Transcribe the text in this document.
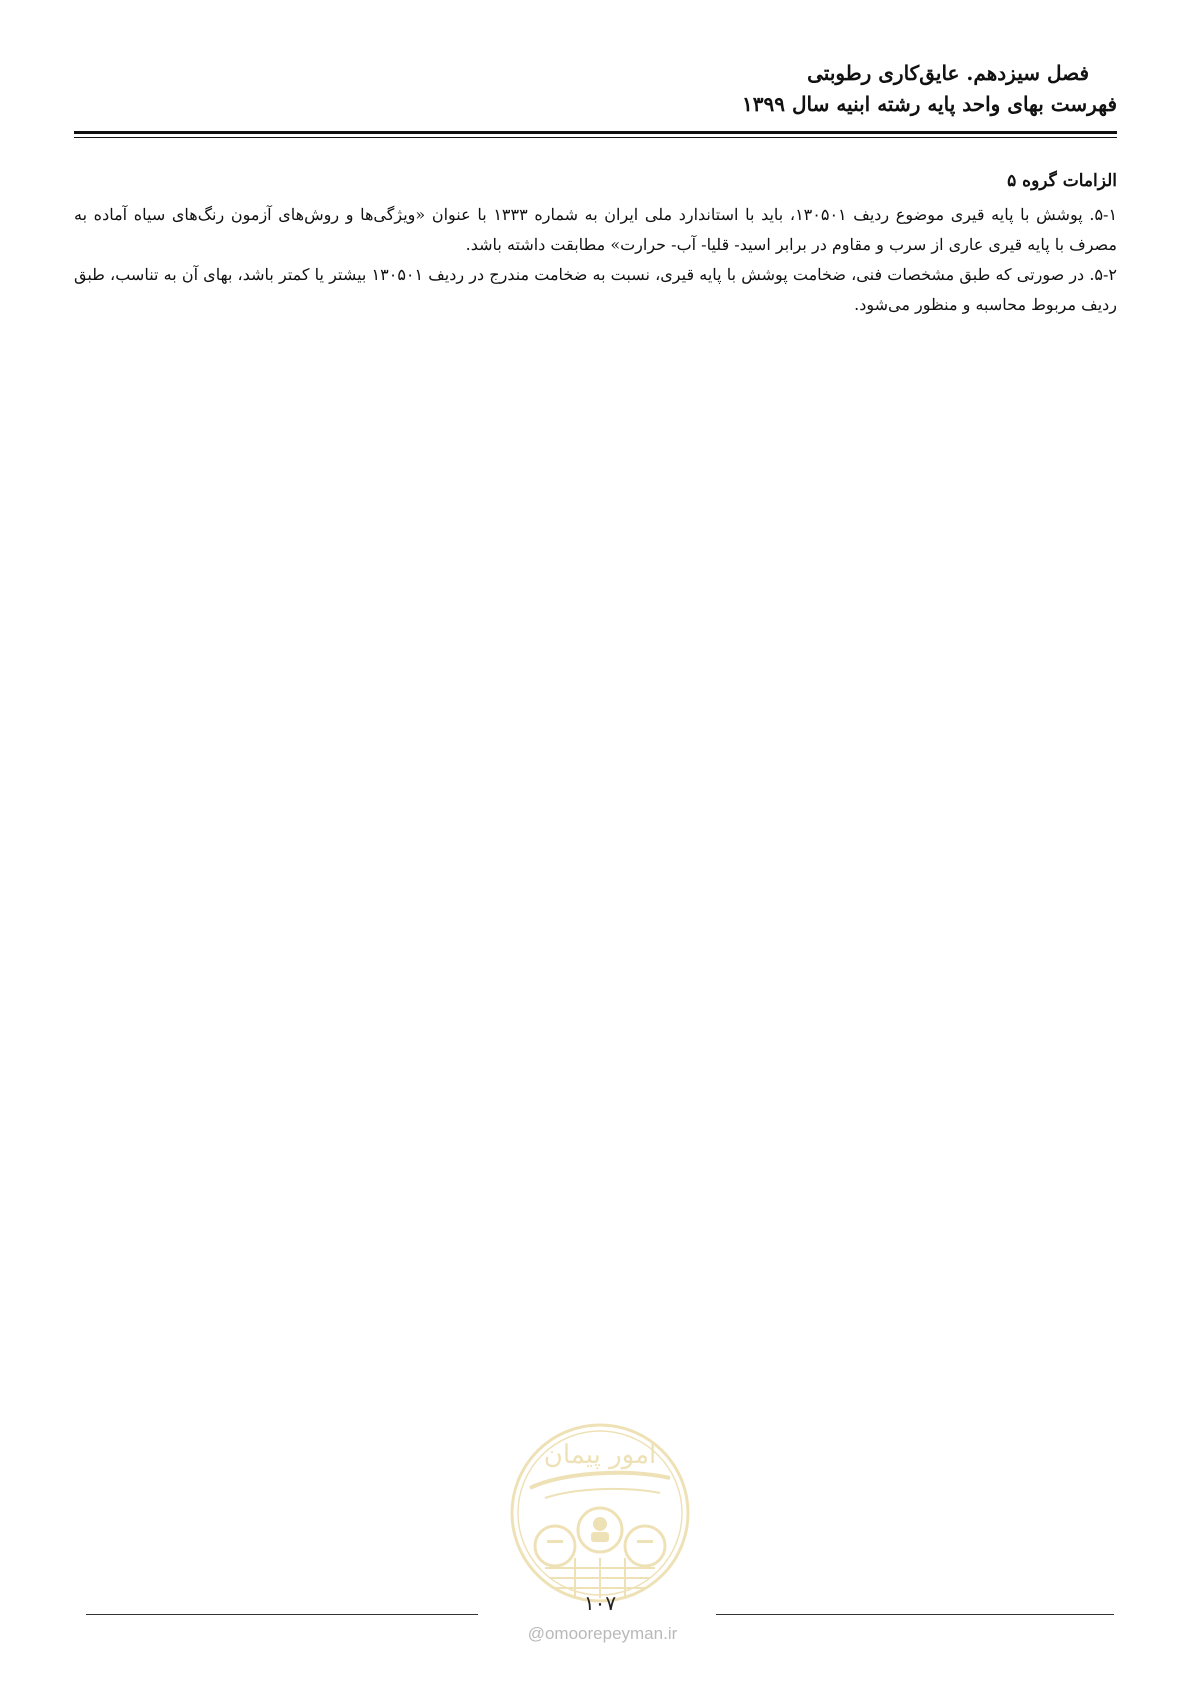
فصل سیزدهم. عایق‌کاری رطوبتی
فهرست بهای واحد پایه رشته ابنیه سال ۱۳۹۹
الزامات گروه ۵

۵-۱. پوشش با پایه قیری موضوع ردیف ۱۳۰۵۰۱، باید با استاندارد ملی ایران به شماره ۱۳۳۳ با عنوان «ویژگی‌ها و روش‌های آزمون رنگ‌های سیاه آماده به مصرف با پایه قیری عاری از سرب و مقاوم در برابر اسید- قلیا- آب- حرارت» مطابقت داشته باشد.

۵-۲. در صورتی که طبق مشخصات فنی، ضخامت پوشش با پایه قیری، نسبت به ضخامت مندرج در ردیف ۱۳۰۵۰۱ بیشتر یا کمتر باشد، بهای آن به تناسب، طبق ردیف مربوط محاسبه و منظور می‌شود.

امور پیمان
۱۰۷
@omoorepeyman.ir
